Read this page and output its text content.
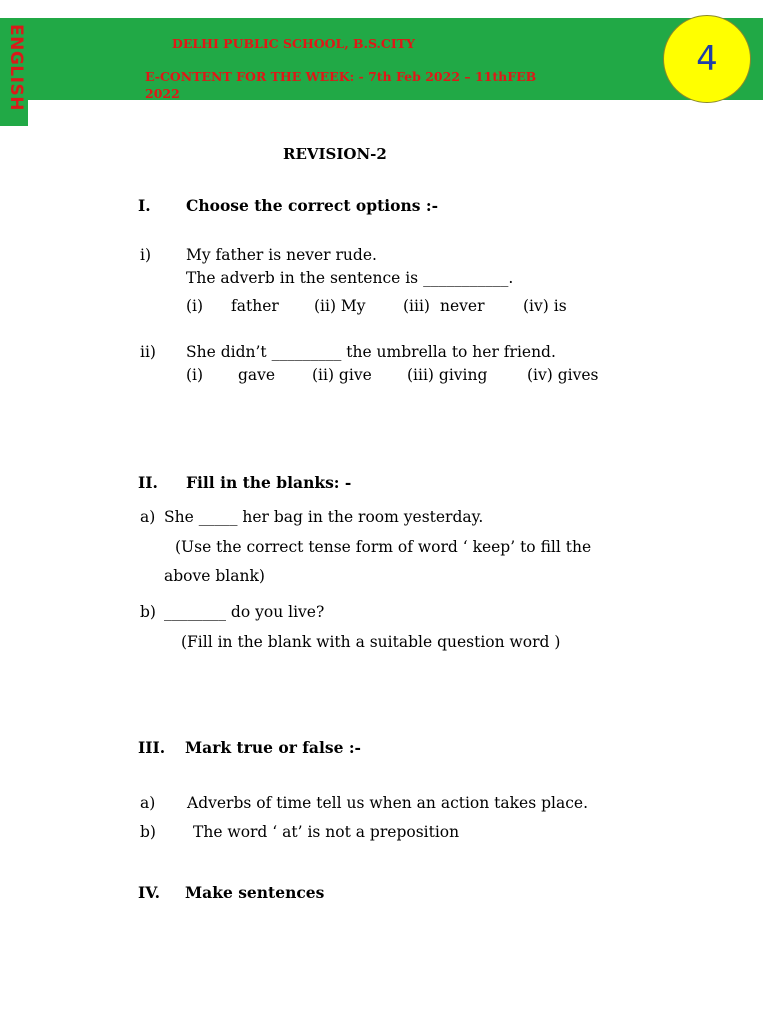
ENGLISH	DELHI PUBLIC SCHOOL, B.S.CITY
E-CONTENT FOR THE WEEK: - 7th Feb 2022 – 11thFEB 2022
4
REVISION-2
I. Choose the correct options :-
i) My father is never rude.
The adverb in the sentence is ___________.
(i) father (ii) My (iii) never (iv) is
ii) She didn’t _________ the umbrella to her friend.
(i) gave (ii) give (iii) giving	(iv) gives
II. Fill in the blanks: -
a) She _____ her bag in the room yesterday.
(Use the correct tense form of word ‘ keep’ to fill the
above blank)
b) ________ do you live?
(Fill in the blank with a suitable question word )
III. Mark true or false :-
a) Adverbs of time tell us when an action takes place.
b) The word ‘ at’ is not a preposition
IV. Make sentences
